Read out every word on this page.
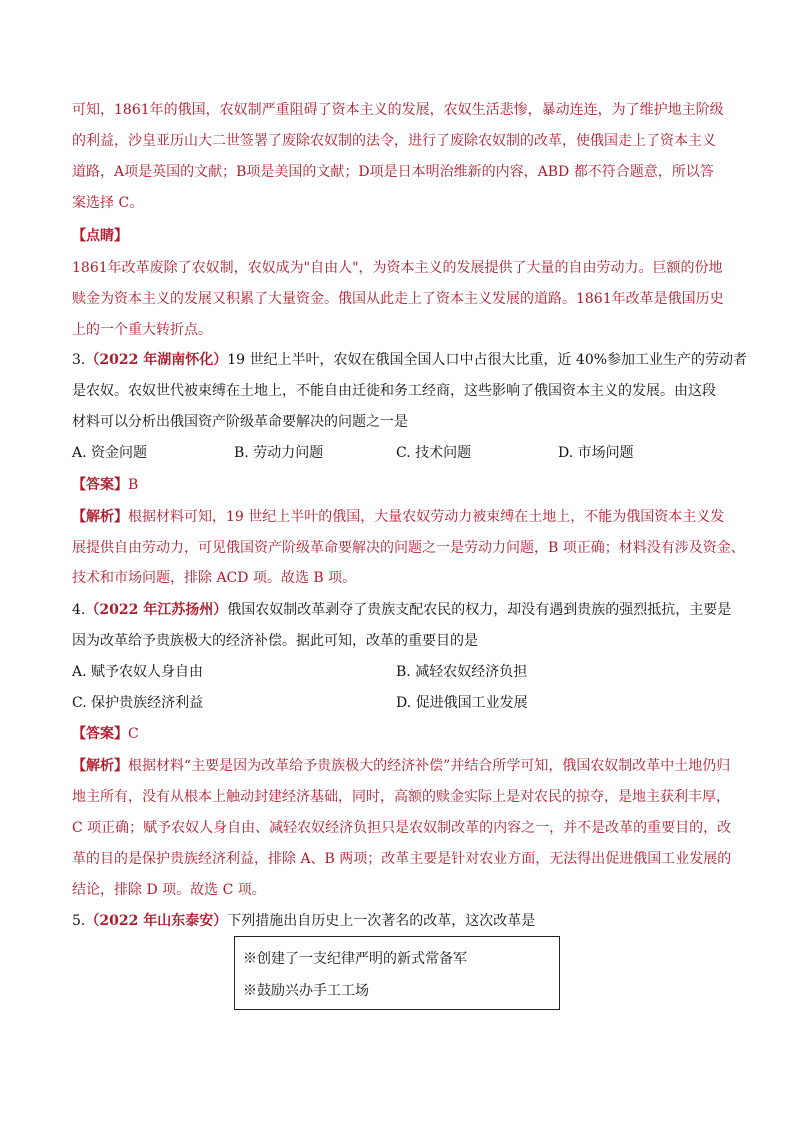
可知，1861年的俄国，农奴制严重阻碍了资本主义的发展，农奴生活悲惨，暴动连连，为了维护地主阶级
的利益，沙皇亚历山大二世签署了废除农奴制的法令，进行了废除农奴制的改革，使俄国走上了资本主义
道路，A项是英国的文献；B项是美国的文献；D项是日本明治维新的内容，ABD 都不符合题意，所以答
案选择 C。
【点睛】
1861年改革废除了农奴制，农奴成为"自由人"，为资本主义的发展提供了大量的自由劳动力。巨额的份地
赎金为资本主义的发展又积累了大量资金。俄国从此走上了资本主义发展的道路。1861年改革是俄国历史
上的一个重大转折点。
3.（2022 年湖南怀化）19 世纪上半叶，农奴在俄国全国人口中占很大比重，近 40%参加工业生产的劳动者
是农奴。农奴世代被束缚在土地上，不能自由迁徙和务工经商，这些影响了俄国资本主义的发展。由这段
材料可以分析出俄国资产阶级革命要解决的问题之一是
A. 资金问题	B. 劳动力问题	C. 技术问题	D. 市场问题
【答案】B
【解析】根据材料可知，19 世纪上半叶的俄国，大量农奴劳动力被束缚在土地上，不能为俄国资本主义发
展提供自由劳动力，可见俄国资产阶级革命要解决的问题之一是劳动力问题，B 项正确；材料没有涉及资金、
技术和市场问题，排除 ACD 项。故选 B 项。
4.（2022 年江苏扬州）俄国农奴制改革剥夺了贵族支配农民的权力，却没有遇到贵族的强烈抵抗，主要是
因为改革给予贵族极大的经济补偿。据此可知，改革的重要目的是
A. 赋予农奴人身自由	B. 减轻农奴经济负担
C. 保护贵族经济利益	D. 促进俄国工业发展
【答案】C
【解析】根据材料“主要是因为改革给予贵族极大的经济补偿”并结合所学可知，俄国农奴制改革中土地仍归
地主所有，没有从根本上触动封建经济基础，同时，高额的赎金实际上是对农民的掠夺，是地主获利丰厚，
C 项正确；赋予农奴人身自由、减轻农奴经济负担只是农奴制改革的内容之一，并不是改革的重要目的，改
革的目的是保护贵族经济利益，排除 A、B 两项；改革主要是针对农业方面，无法得出促进俄国工业发展的
结论，排除 D 项。故选 C 项。
5.（2022 年山东泰安）下列措施出自历史上一次著名的改革，这次改革是
※创建了一支纪律严明的新式常备军
※鼓励兴办手工工场
